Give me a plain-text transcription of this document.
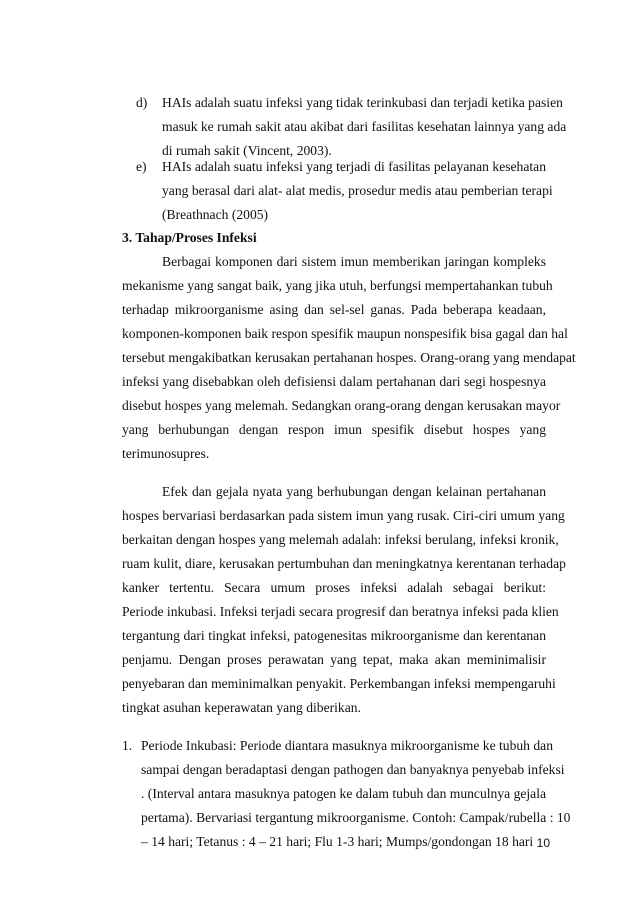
d) HAIs adalah suatu infeksi yang tidak terinkubasi dan terjadi ketika pasien
masuk ke rumah sakit atau akibat dari fasilitas kesehatan lainnya yang ada
di rumah sakit (Vincent, 2003).
e) HAIs adalah suatu infeksi yang terjadi di fasilitas pelayanan kesehatan
yang berasal dari alat- alat medis, prosedur medis atau pemberian terapi
(Breathnach (2005)
3. Tahap/Proses Infeksi
Berbagai komponen dari sistem imun memberikan jaringan kompleks
mekanisme yang sangat baik, yang jika utuh, berfungsi mempertahankan tubuh
terhadap mikroorganisme asing dan sel-sel ganas. Pada beberapa keadaan,
komponen-komponen baik respon spesifik maupun nonspesifik bisa gagal dan hal
tersebut mengakibatkan kerusakan pertahanan hospes. Orang-orang yang mendapat
infeksi yang disebabkan oleh defisiensi dalam pertahanan dari segi hospesnya
disebut hospes yang melemah. Sedangkan orang-orang dengan kerusakan mayor
yang berhubungan dengan respon imun spesifik disebut hospes yang
terimunosupres.
Efek dan gejala nyata yang berhubungan dengan kelainan pertahanan
hospes bervariasi berdasarkan pada sistem imun yang rusak. Ciri-ciri umum yang
berkaitan dengan hospes yang melemah adalah: infeksi berulang, infeksi kronik,
ruam kulit, diare, kerusakan pertumbuhan dan meningkatnya kerentanan terhadap
kanker tertentu. Secara umum proses infeksi adalah sebagai berikut:
Periode inkubasi. Infeksi terjadi secara progresif dan beratnya infeksi pada klien
tergantung dari tingkat infeksi, patogenesitas mikroorganisme dan kerentanan
penjamu. Dengan proses perawatan yang tepat, maka akan meminimalisir
penyebaran dan meminimalkan penyakit. Perkembangan infeksi mempengaruhi
tingkat asuhan keperawatan yang diberikan.
1. Periode Inkubasi: Periode diantara masuknya mikroorganisme ke tubuh dan
sampai dengan beradaptasi dengan pathogen dan banyaknya penyebab infeksi
. (Interval antara masuknya patogen ke dalam tubuh dan munculnya gejala
pertama). Bervariasi tergantung mikroorganisme. Contoh: Campak/rubella : 10
– 14 hari; Tetanus : 4 – 21 hari; Flu 1-3 hari; Mumps/gondongan 18 hari 10
